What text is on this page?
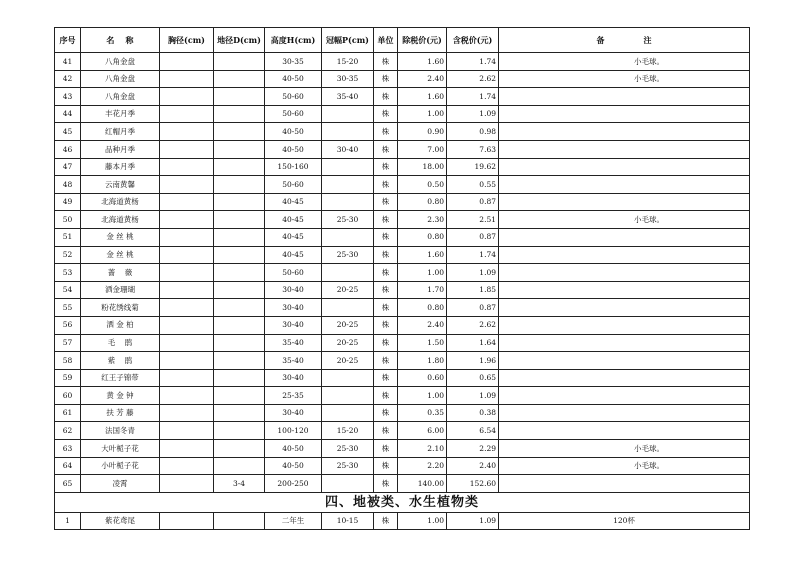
序号	名    称	胸径(cm)	地径D(cm)	高度H(cm)	冠幅P(cm)	单位	除税价(元)	含税价(元)	备              注
41	八角金盘			30-35	15-20	株	1.60	1.74	小毛球。
42	八角金盘			40-50	30-35	株	2.40	2.62	小毛球。
43	八角金盘			50-60	35-40	株	1.60	1.74	
44	丰花月季			50-60		株	1.00	1.09	
45	红帽月季			40-50		株	0.90	0.98	
46	品种月季			40-50	30-40	株	7.00	7.63	
47	藤本月季			150-160		株	18.00	19.62	
48	云南黄馨			50-60		株	0.50	0.55	
49	北海道黄杨			40-45		株	0.80	0.87	
50	北海道黄杨			40-45	25-30	株	2.30	2.51	小毛球。
51	金 丝 桃			40-45		株	0.80	0.87	
52	金 丝 桃			40-45	25-30	株	1.60	1.74	
53	蔷    薇			50-60		株	1.00	1.09	
54	洒金珊瑚			30-40	20-25	株	1.70	1.85	
55	粉花绣线菊			30-40		株	0.80	0.87	
56	洒 金 柏			30-40	20-25	株	2.40	2.62	
57	毛    鹃			35-40	20-25	株	1.50	1.64	
58	紫    鹃			35-40	20-25	株	1.80	1.96	
59	红王子锦带			30-40		株	0.60	0.65	
60	黄 金 钟			25-35		株	1.00	1.09	
61	扶 芳 藤			30-40		株	0.35	0.38	
62	法国冬青			100-120	15-20	株	6.00	6.54	
63	大叶栀子花			40-50	25-30	株	2.10	2.29	小毛球。
64	小叶栀子花			40-50	25-30	株	2.20	2.40	小毛球。
65	凌霄		3-4	200-250		株	140.00	152.60	
四、地被类、水生植物类									
1	紫花鸢尾			二年生	10-15	株	1.00	1.09	120杯
